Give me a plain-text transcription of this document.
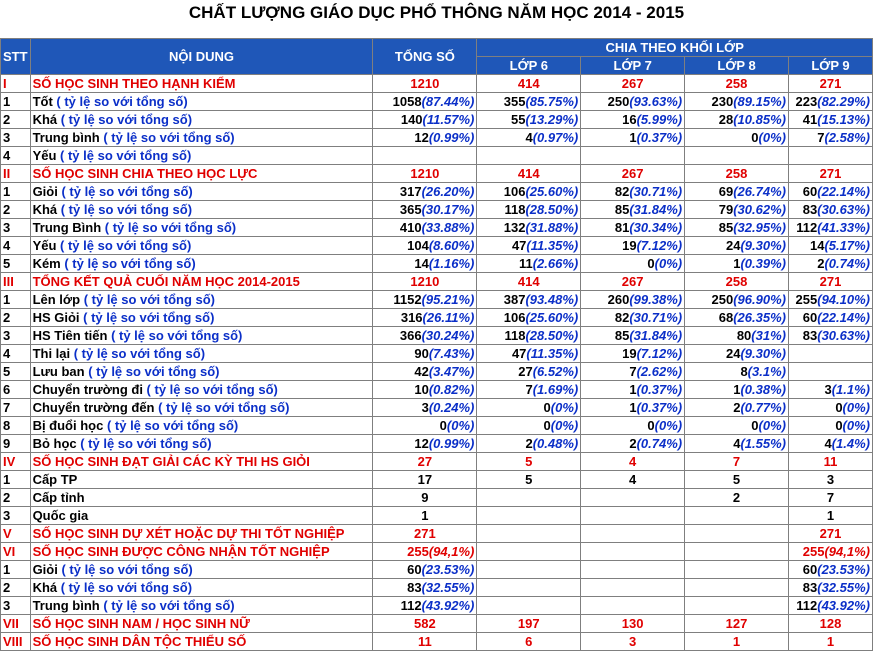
CHẤT LƯỢNG GIÁO DỤC PHỔ THÔNG NĂM HỌC 2014 - 2015
STT	NỘI DUNG	TỔNG SỐ	CHIA THEO KHỐI LỚP			
			LỚP 6	LỚP 7	LỚP 8	LỚP 9
I	SỐ HỌC SINH THEO HẠNH KIỂM	1210	414	267	258	271
1	Tốt ( tỷ lệ so với tổng số)	1058(87.44%)	355(85.75%)	250(93.63%)	230(89.15%)	223(82.29%)
2	Khá ( tỷ lệ so với tổng số)	140(11.57%)	55(13.29%)	16(5.99%)	28(10.85%)	41(15.13%)
3	Trung bình ( tỷ lệ so với tổng số)	12(0.99%)	4(0.97%)	1(0.37%)	0(0%)	7(2.58%)
4	Yếu ( tỷ lệ so với tổng số)					
II	SỐ HỌC SINH CHIA THEO HỌC LỰC	1210	414	267	258	271
1	Giỏi ( tỷ lệ so với tổng số)	317(26.20%)	106(25.60%)	82(30.71%)	69(26.74%)	60(22.14%)
2	Khá ( tỷ lệ so với tổng số)	365(30.17%)	118(28.50%)	85(31.84%)	79(30.62%)	83(30.63%)
3	Trung Bình ( tỷ lệ so với tổng số)	410(33.88%)	132(31.88%)	81(30.34%)	85(32.95%)	112(41.33%)
4	Yếu ( tỷ lệ so với tổng số)	104(8.60%)	47(11.35%)	19(7.12%)	24(9.30%)	14(5.17%)
5	Kém ( tỷ lệ so với tổng số)	14(1.16%)	11(2.66%)	0(0%)	1(0.39%)	2(0.74%)
III	TỔNG KẾT QUẢ CUỐI NĂM HỌC 2014-2015	1210	414	267	258	271
1	Lên lớp ( tỷ lệ so với tổng số)	1152(95.21%)	387(93.48%)	260(99.38%)	250(96.90%)	255(94.10%)
2	HS Giỏi ( tỷ lệ so với tổng số)	316(26.11%)	106(25.60%)	82(30.71%)	68(26.35%)	60(22.14%)
3	HS Tiên tiến ( tỷ lệ so với tổng số)	366(30.24%)	118(28.50%)	85(31.84%)	80(31%)	83(30.63%)
4	Thi lại ( tỷ lệ so với tổng số)	90(7.43%)	47(11.35%)	19(7.12%)	24(9.30%)	
5	Lưu ban ( tỷ lệ so với tổng số)	42(3.47%)	27(6.52%)	7(2.62%)	8(3.1%)	
6	Chuyển trường đi ( tỷ lệ so với tổng số)	10(0.82%)	7(1.69%)	1(0.37%)	1(0.38%)	3(1.1%)
7	Chuyển trường đến ( tỷ lệ so với tổng số)	3(0.24%)	0(0%)	1(0.37%)	2(0.77%)	0(0%)
8	Bị đuổi học ( tỷ lệ so với tổng số)	0(0%)	0(0%)	0(0%)	0(0%)	0(0%)
9	Bỏ học ( tỷ lệ so với tổng số)	12(0.99%)	2(0.48%)	2(0.74%)	4(1.55%)	4(1.4%)
IV	SỐ HỌC SINH ĐẠT GIẢI CÁC KỲ THI HS GIỎI	27	5	4	7	11
1	Cấp TP	17	5	4	5	3
2	Cấp tỉnh	9			2	7
3	Quốc gia	1				1
V	SỐ HỌC SINH DỰ XÉT HOẶC DỰ THI TỐT NGHIỆP	271				271
VI	SỐ HỌC SINH ĐƯỢC CÔNG NHẬN TỐT NGHIỆP	255(94,1%)				255(94,1%)
1	Giỏi ( tỷ lệ so với tổng số)	60(23.53%)				60(23.53%)
2	Khá ( tỷ lệ so với tổng số)	83(32.55%)				83(32.55%)
3	Trung bình ( tỷ lệ so với tổng số)	112(43.92%)				112(43.92%)
VII	SỐ HỌC SINH NAM / HỌC SINH NỮ	582	197	130	127	128
VIII	SỐ HỌC SINH DÂN TỘC THIỂU SỐ	11	6	3	1	1
